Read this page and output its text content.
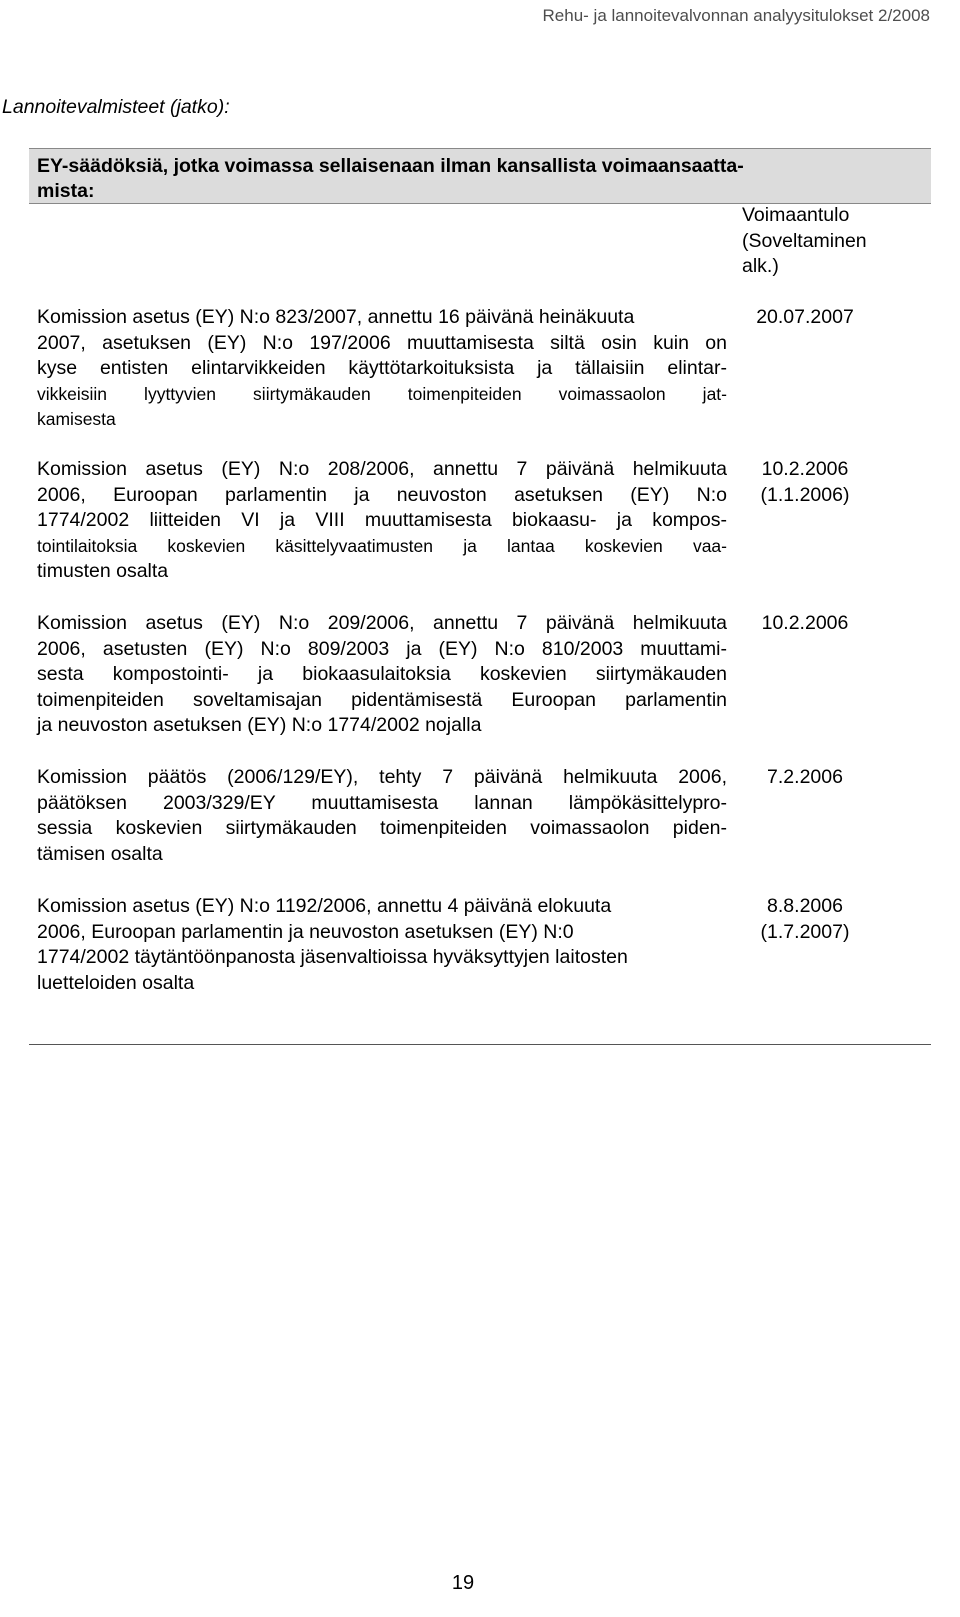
Rehu- ja lannoitevalvonnan analyysitulokset 2/2008
Lannoitevalmisteet (jatko):
EY-säädöksiä, jotka voimassa sellaisenaan ilman kansallista voimaansaatta-
mista:
Voimaantulo
(Soveltaminen
alk.)
Komission asetus (EY) N:o 823/2007, annettu 16 päivänä heinäkuuta
2007, asetuksen (EY) N:o 197/2006 muuttamisesta siltä osin kuin on
kyse entisten elintarvikkeiden käyttötarkoituksista ja tällaisiin elintar-
vikkeisiin lyyttyvien siirtymäkauden toimenpiteiden voimassaolon jat-
kamisesta
20.07.2007
Komission asetus (EY) N:o 208/2006, annettu 7 päivänä helmikuuta
2006, Euroopan parlamentin ja neuvoston asetuksen (EY) N:o
1774/2002 liitteiden VI ja VIII muuttamisesta biokaasu- ja kompos-
tointilaitoksia koskevien käsittelyvaatimusten ja lantaa koskevien vaa-
timusten osalta
10.2.2006
(1.1.2006)
Komission asetus (EY) N:o 209/2006, annettu 7 päivänä helmikuuta
2006, asetusten (EY) N:o 809/2003 ja (EY) N:o 810/2003 muuttami-
sesta kompostointi- ja biokaasulaitoksia koskevien siirtymäkauden
toimenpiteiden soveltamisajan pidentämisestä Euroopan parlamentin
ja neuvoston asetuksen (EY) N:o 1774/2002 nojalla
10.2.2006
Komission päätös (2006/129/EY), tehty 7 päivänä helmikuuta 2006,
päätöksen 2003/329/EY muuttamisesta lannan lämpökäsittelypro-
sessia koskevien siirtymäkauden toimenpiteiden voimassaolon piden-
tämisen osalta
7.2.2006
Komission asetus (EY) N:o 1192/2006, annettu 4 päivänä elokuuta
2006, Euroopan parlamentin ja neuvoston asetuksen (EY) N:0
1774/2002 täytäntöönpanosta jäsenvaltioissa hyväksyttyjen laitosten
luetteloiden osalta
8.8.2006
(1.7.2007)
19
